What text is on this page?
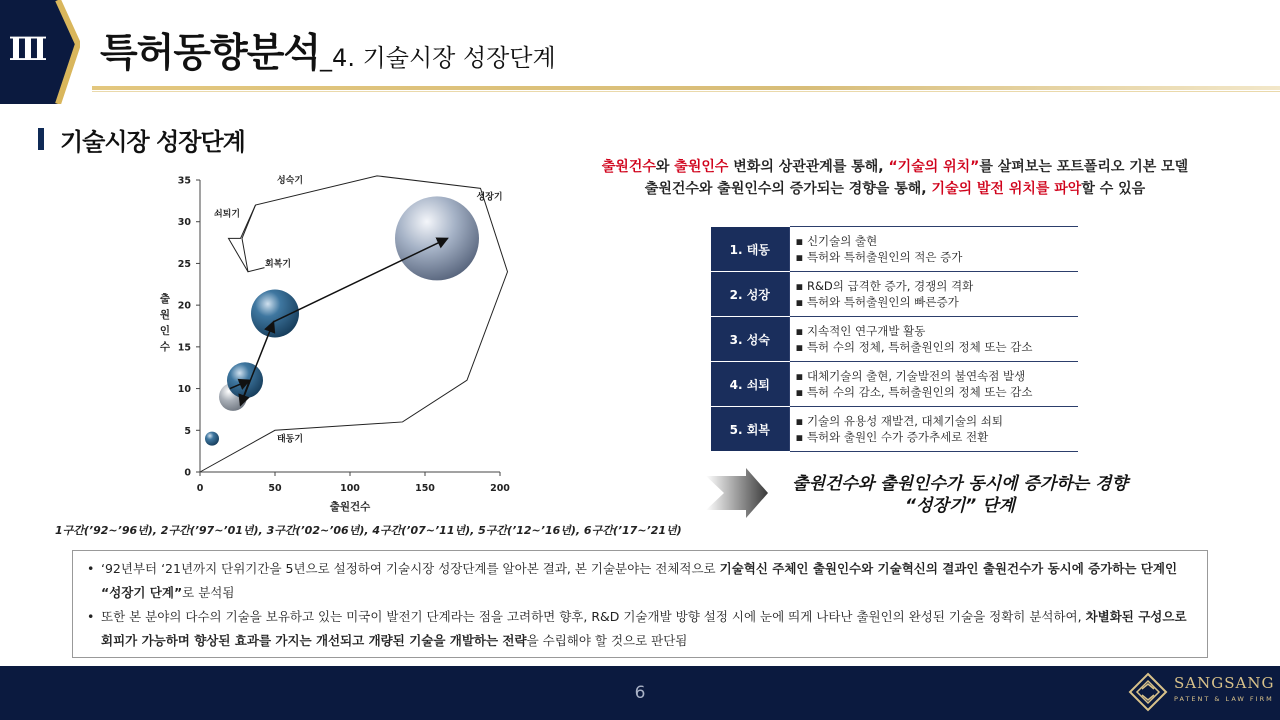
Ⅲ 특허동향분석_4. 기술시장 성장단계
기술시장 성장단계
출원건수와 출원인수 변화의 상관관계를 통해, “기술의 위치”를 살펴보는 포트폴리오 기본 모델
출원건수와 출원인수의 증가되는 경향을 통해, 기술의 발전 위치를 파악할 수 있음
0
5
10
15
20
25
30
35
0	50	100	150	200
성숙기
쇠퇴기
성장기
회복기
태동기
출원건수
출 원 인 수
1구간(’92~’96년), 2구간(’97~’01년), 3구간(’02~’06년), 4구간(’07~’11년), 5구간(’12~’16년), 6구간(’17~’21년)
1. 태동	▪ 신기술의 출현
▪ 특허와 특허출원인의 적은 증가

2. 성장	▪ R&D의 급격한 증가, 경쟁의 격화
▪ 특허와 특허출원인의 빠른증가

3. 성숙	▪ 지속적인 연구개발 활동
▪ 특허 수의 정체, 특허출원인의 정체 또는 감소

4. 쇠퇴	▪ 대체기술의 출현, 기술발전의 불연속점 발생
▪ 특허 수의 감소, 특허출원인의 정체 또는 감소

5. 회복	▪ 기술의 유용성 재발견, 대체기술의 쇠퇴
▪ 특허와 출원인 수가 증가추세로 전환
출원건수와 출원인수가 동시에 증가하는 경향
“성장기” 단계
• ‘92년부터 ‘21년까지 단위기간을 5년으로 설정하여 기술시장 성장단계를 알아본 결과, 본 기술분야는 전체적으로 기술혁신 주체인 출원인수와 기술혁신의 결과인 출원건수가 동시에 증가하는 단계인 “성장기 단계”로 분석됨
• 또한 본 분야의 다수의 기술을 보유하고 있는 미국이 발전기 단계라는 점을 고려하면 향후, R&D 기술개발 방향 설정 시에 눈에 띄게 나타난 출원인의 완성된 기술을 정확히 분석하여, 차별화된 구성으로 회피가 가능하며 향상된 효과를 가지는 개선되고 개량된 기술을 개발하는 전략을 수립해야 할 것으로 판단됨
6	SANGSANG
PATENT & LAW FIRM
